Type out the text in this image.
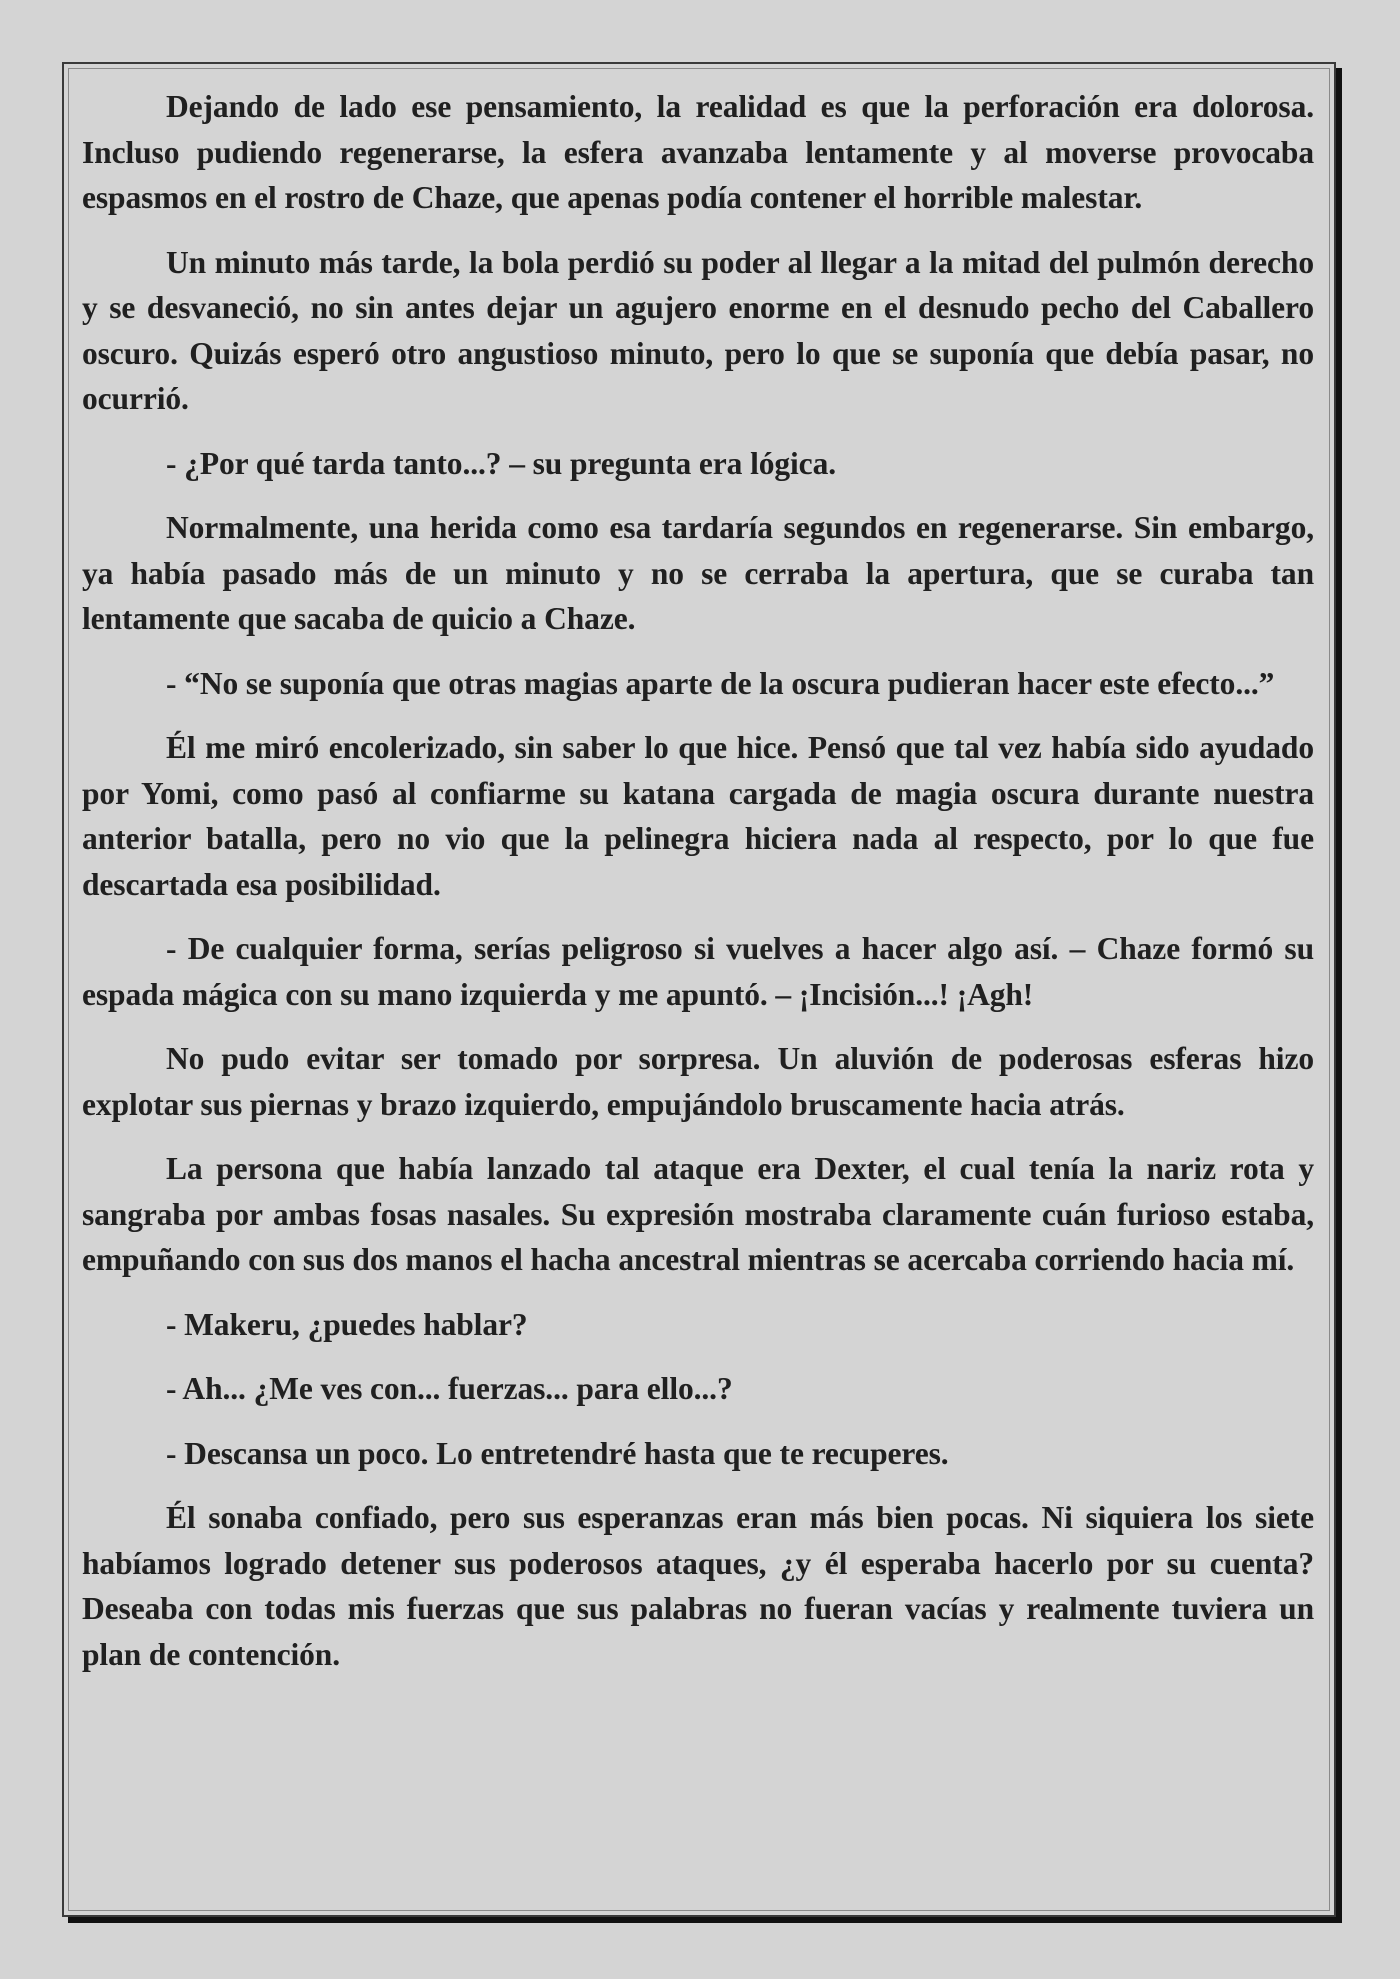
Dejando de lado ese pensamiento, la realidad es que la perforación era dolorosa. Incluso pudiendo regenerarse, la esfera avanzaba lentamente y al moverse provocaba espasmos en el rostro de Chaze, que apenas podía contener el horrible malestar.

Un minuto más tarde, la bola perdió su poder al llegar a la mitad del pulmón derecho y se desvaneció, no sin antes dejar un agujero enorme en el desnudo pecho del Caballero oscuro. Quizás esperó otro angustioso minuto, pero lo que se suponía que debía pasar, no ocurrió.

- ¿Por qué tarda tanto...? – su pregunta era lógica.

Normalmente, una herida como esa tardaría segundos en regenerarse. Sin embargo, ya había pasado más de un minuto y no se cerraba la apertura, que se curaba tan lentamente que sacaba de quicio a Chaze.

- “No se suponía que otras magias aparte de la oscura pudieran hacer este efecto...”

Él me miró encolerizado, sin saber lo que hice. Pensó que tal vez había sido ayudado por Yomi, como pasó al confiarme su katana cargada de magia oscura durante nuestra anterior batalla, pero no vio que la pelinegra hiciera nada al respecto, por lo que fue descartada esa posibilidad.

- De cualquier forma, serías peligroso si vuelves a hacer algo así. – Chaze formó su espada mágica con su mano izquierda y me apuntó. – ¡Incisión...! ¡Agh!

No pudo evitar ser tomado por sorpresa. Un aluvión de poderosas esferas hizo explotar sus piernas y brazo izquierdo, empujándolo bruscamente hacia atrás.

La persona que había lanzado tal ataque era Dexter, el cual tenía la nariz rota y sangraba por ambas fosas nasales. Su expresión mostraba claramente cuán furioso estaba, empuñando con sus dos manos el hacha ancestral mientras se acercaba corriendo hacia mí.

- Makeru, ¿puedes hablar?

- Ah... ¿Me ves con... fuerzas... para ello...?

- Descansa un poco. Lo entretendré hasta que te recuperes.

Él sonaba confiado, pero sus esperanzas eran más bien pocas. Ni siquiera los siete habíamos logrado detener sus poderosos ataques, ¿y él esperaba hacerlo por su cuenta? Deseaba con todas mis fuerzas que sus palabras no fueran vacías y realmente tuviera un plan de contención.
